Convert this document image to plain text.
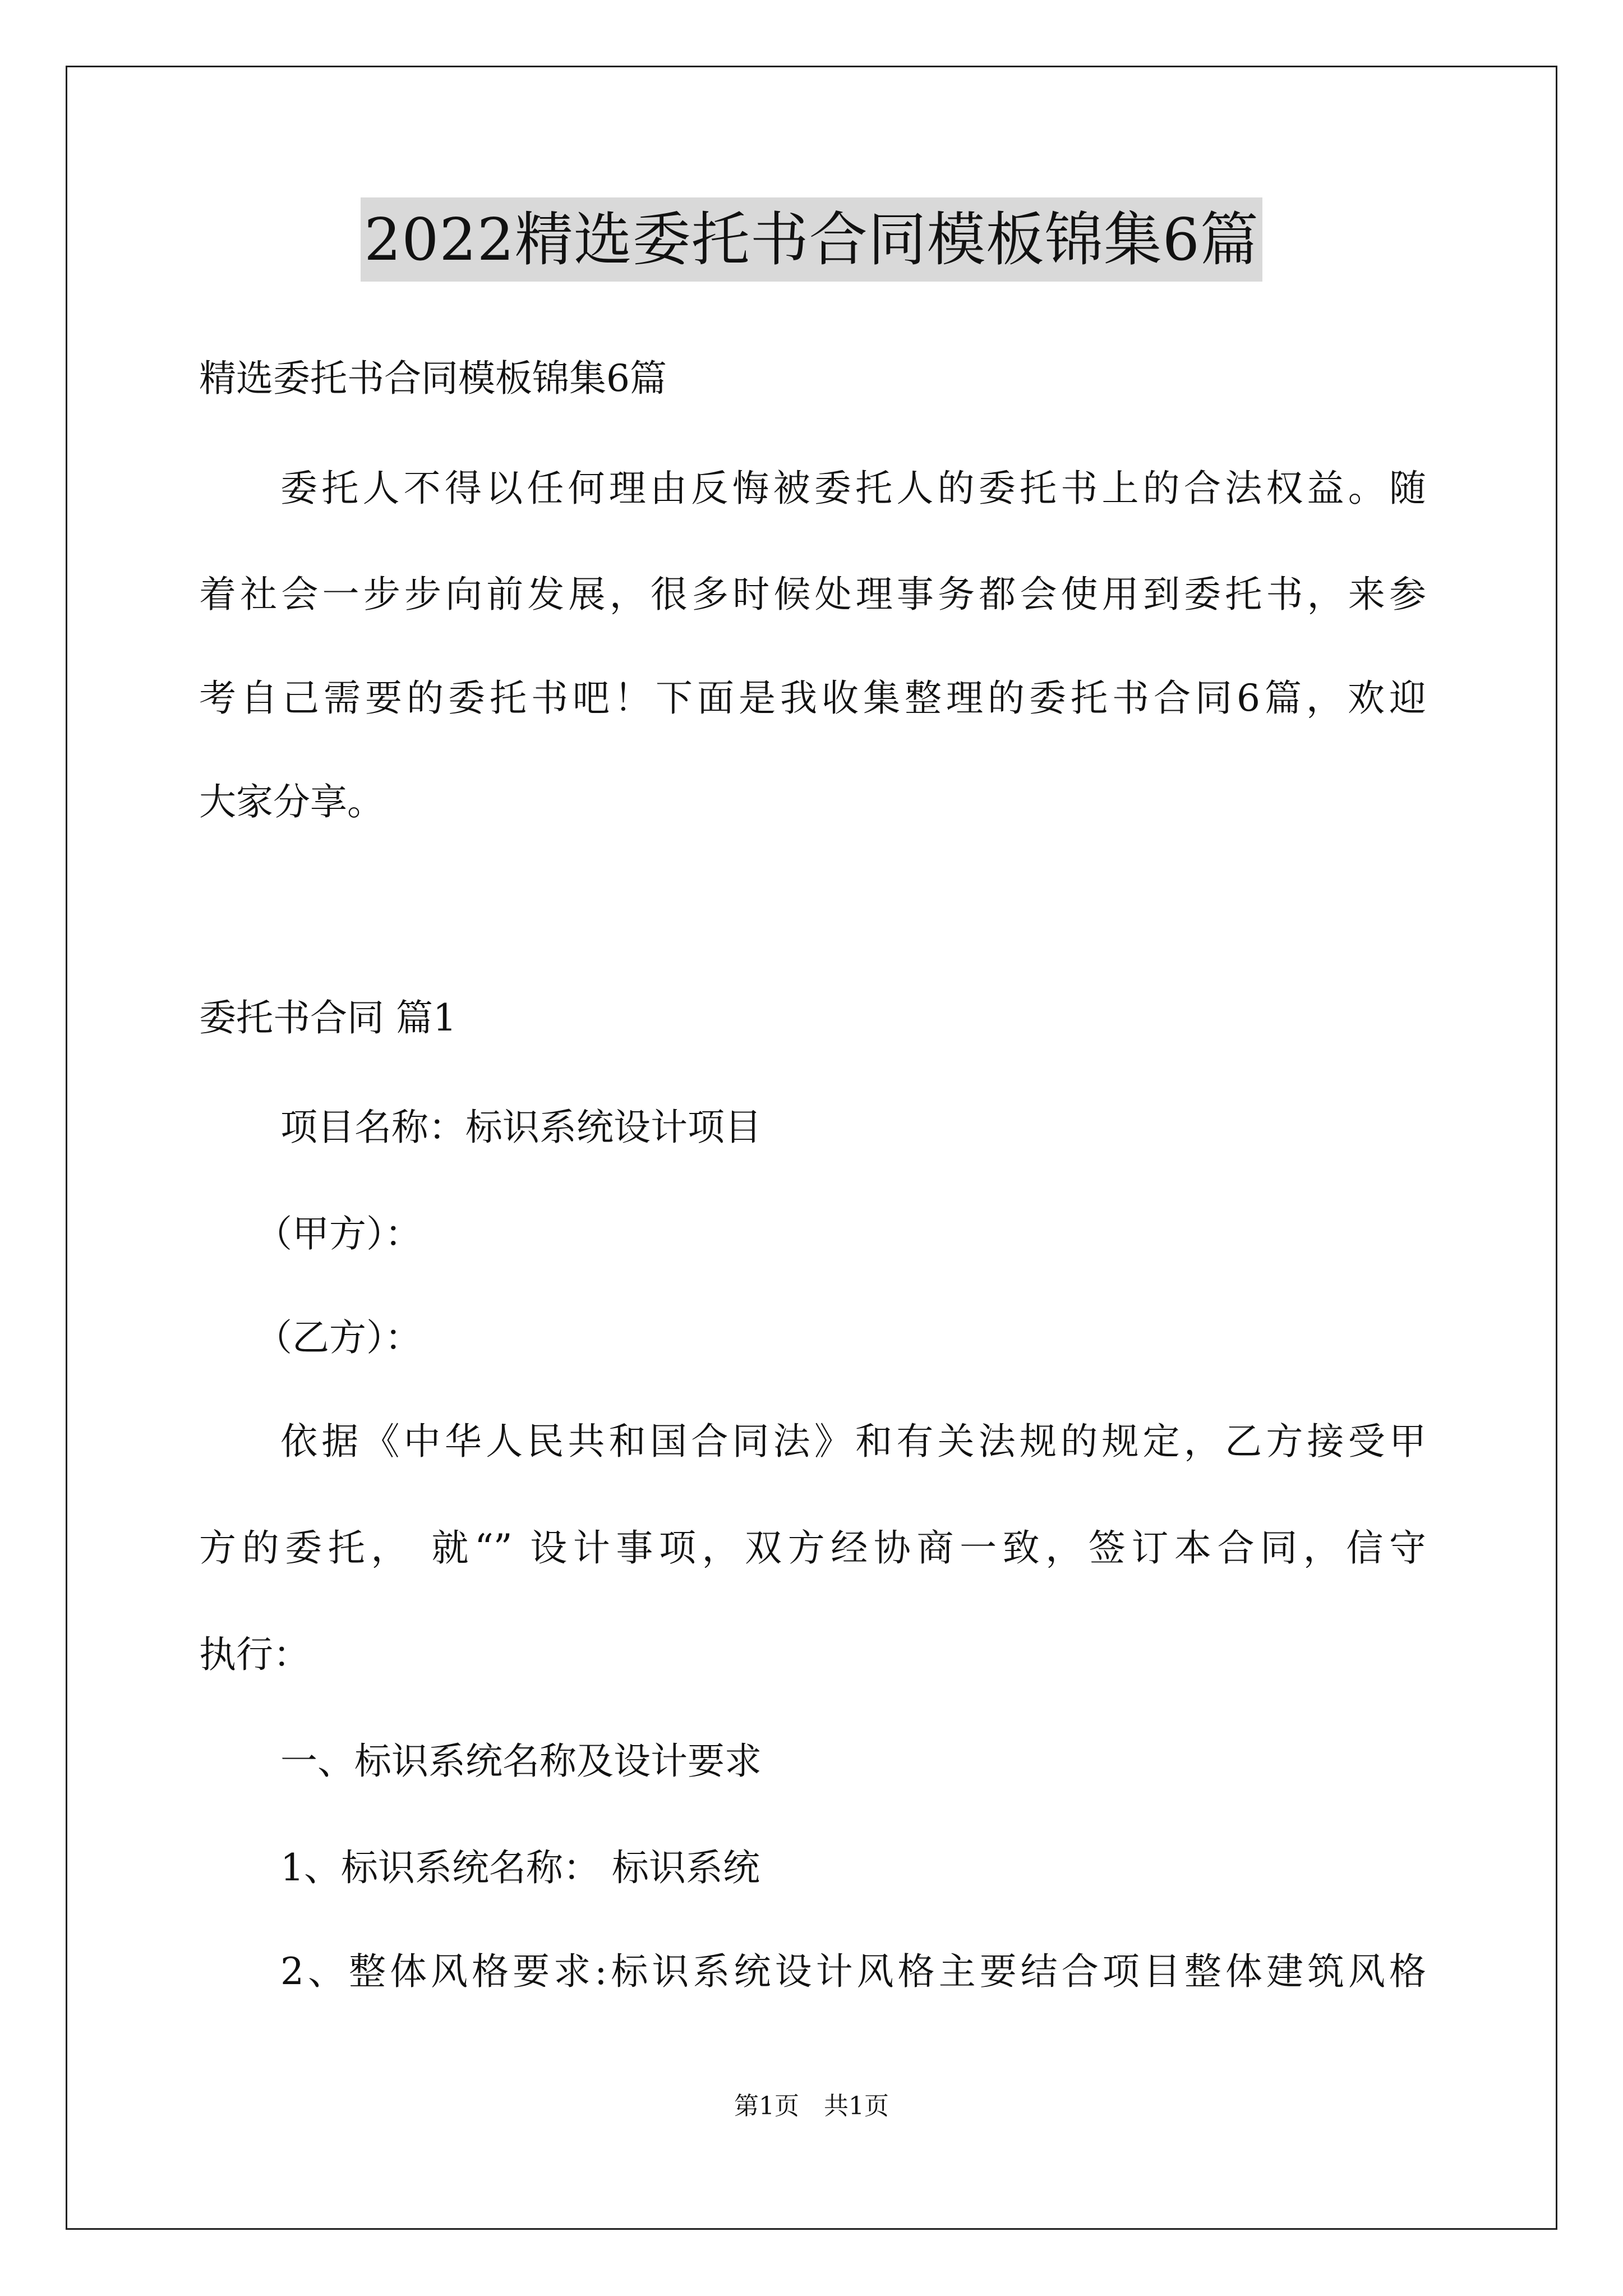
2022精选委托书合同模板锦集6篇
精选委托书合同模板锦集6篇
委托人不得以任何理由反悔被委托人的委托书上的合法权益。随
着社会一步步向前发展，很多时候处理事务都会使用到委托书，来参
考自己需要的委托书吧！下面是我收集整理的委托书合同6篇，欢迎
大家分享。
委托书合同 篇1
项目名称：标识系统设计项目
（甲方）：
（乙方）：
依据《中华人民共和国合同法》和有关法规的规定，乙方接受甲
方的委托， 就“” 设计事项，双方经协商一致，签订本合同，信守
执行：
一、标识系统名称及设计要求
1、标识系统名称： 标识系统
2、整体风格要求:标识系统设计风格主要结合项目整体建筑风格
第1页 共1页
